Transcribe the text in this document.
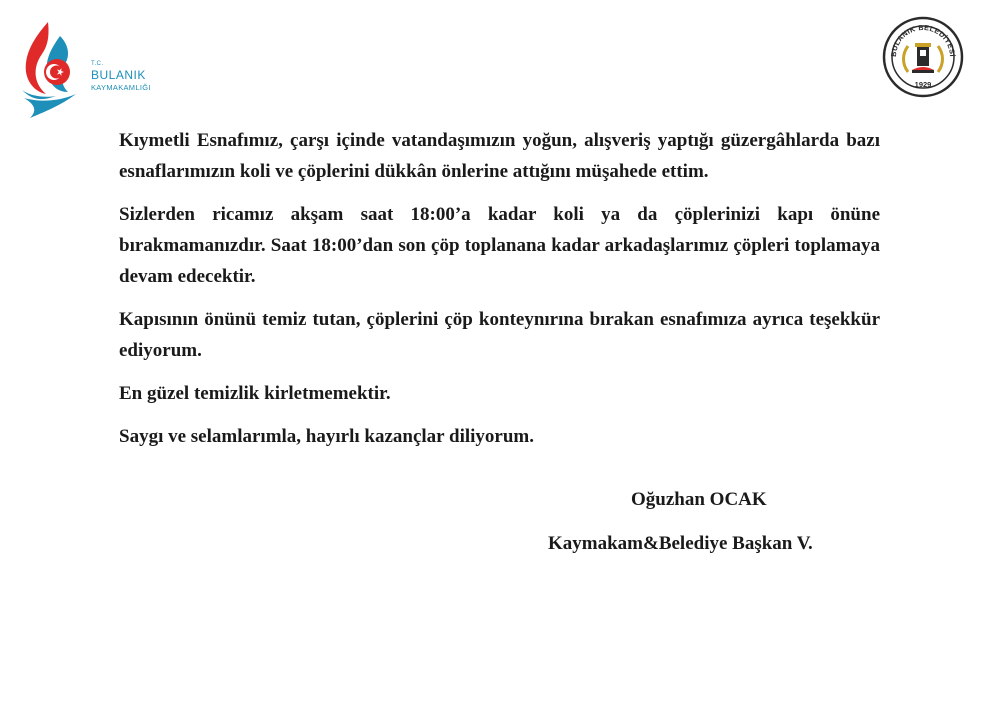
T.C.
BULANIK
KAYMAKAMLIĞI
BULANIK BELEDİYESİ
1929

Kıymetli Esnafımız, çarşı içinde vatandaşımızın yoğun, alışveriş yaptığı güzergâhlarda bazı esnaflarımızın koli ve çöplerini dükkân önlerine attığını müşahede ettim.

Sizlerden ricamız akşam saat 18:00’a kadar koli ya da çöplerinizi kapı önüne bırakmamanızdır. Saat 18:00’dan son çöp toplanana kadar arkadaşlarımız çöpleri toplamaya devam edecektir.

Kapısının önünü temiz tutan, çöplerini çöp konteynırına bırakan esnafımıza ayrıca teşekkür ediyorum.

En güzel temizlik kirletmemektir.

Saygı ve selamlarımla, hayırlı kazançlar diliyorum.

Oğuzhan OCAK
Kaymakam&Belediye Başkan V.
